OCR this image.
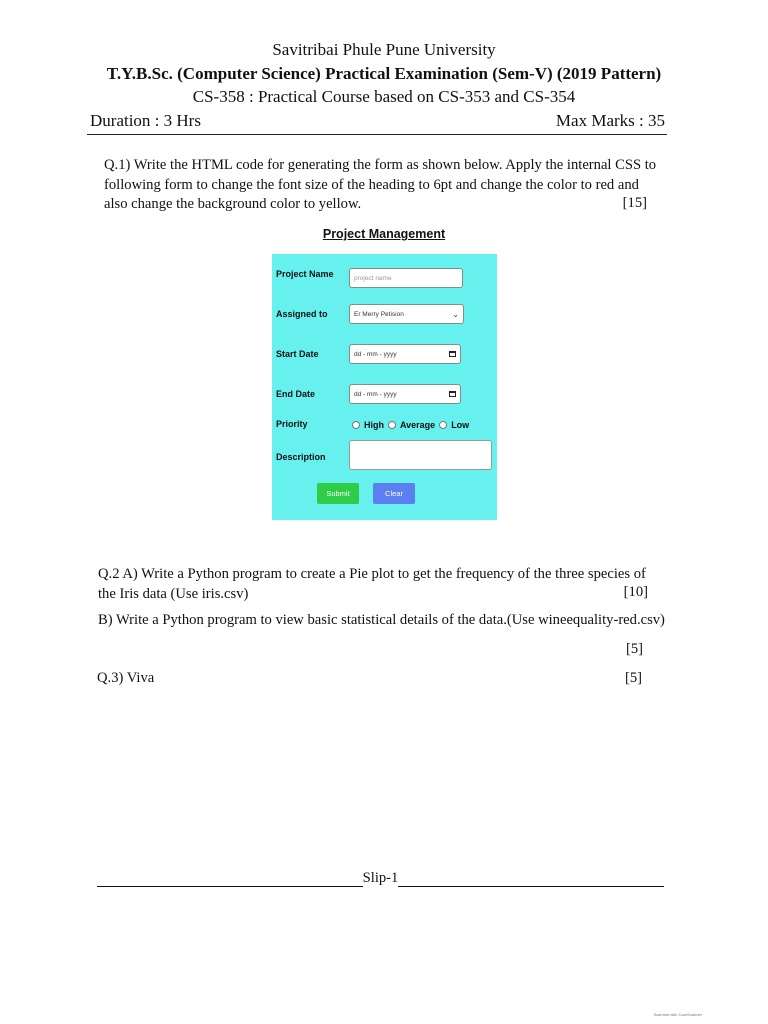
Savitribai Phule Pune University
T.Y.B.Sc. (Computer Science) Practical Examination (Sem-V) (2019 Pattern)
CS-358 : Practical Course based on CS-353 and CS-354
Duration : 3 Hrs	Max Marks : 35
Q.1) Write the HTML code for generating the form as shown below. Apply the internal CSS to following form to change the font size of the heading to 6pt and change the color to red and also change the background color to yellow.	[15]
Project Management
Project Name	project name
Assigned to	Er Merry Petision	⌄
Start Date	dd - mm - yyyy
End Date	dd - mm - yyyy
Priority	High Average Low
Description
Submit	Clear
Q.2 A) Write a Python program to create a Pie plot to get the frequency of the three species of the Iris data (Use iris.csv)	[10]
B) Write a Python program to view basic statistical details of the data.(Use wineequality-red.csv)
[5]
Q.3) Viva	[5]
Slip-1
Scanned with CamScanner
